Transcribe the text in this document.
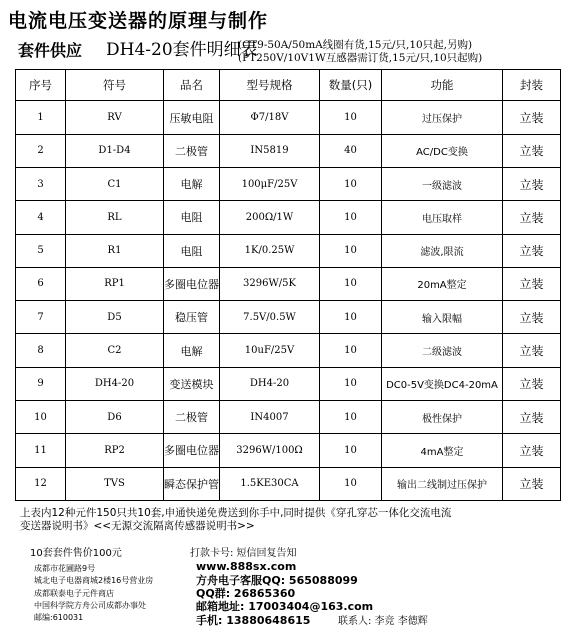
电流电压变送器的原理与制作
套件供应 DH4-20套件明细表
(CT9-50A/50mA线圈有货,15元/只,10只起,另购)
(PT250V/10V1W互感器需订货,15元/只,10只起购)
序号	符号	品名	型号规格	数量(只)	功能	封装
1	RV	压敏电阻	Φ7/18V	10	过压保护	立装
2	D1-D4	二极管	IN5819	40	AC/DC变换	立装
3	C1	电解	100μF/25V	10	一级滤波	立装
4	RL	电阻	200Ω/1W	10	电压取样	立装
5	R1	电阻	1K/0.25W	10	滤波,限流	立装
6	RP1	多圈电位器	3296W/5K	10	20mA整定	立装
7	D5	稳压管	7.5V/0.5W	10	输入限幅	立装
8	C2	电解	10uF/25V	10	二级滤波	立装
9	DH4-20	变送模块	DH4-20	10	DC0-5V变换DC4-20mA	立装
10	D6	二极管	IN4007	10	极性保护	立装
11	RP2	多圈电位器	3296W/100Ω	10	4mA整定	立装
12	TVS	瞬态保护管	1.5KE30CA	10	输出二线制过压保护	立装
上表内12种元件150只共10套,申通快递免费送到你手中,同时提供《穿孔穿芯一体化交流电流
变送器说明书》<<无源交流隔离传感器说明书>>
10套套件售价100元	打款卡号: 短信回复告知
成都市花圃路9号
城北电子电器商城2楼16号营业房
成都联泰电子元件商店
中国科学院方舟公司成都办事处
邮编:610031
www.888sx.com
方舟电子客服QQ: 565088099
QQ群: 26865360
邮箱地址: 17003404@163.com
手机: 13880648615	联系人: 李竞 李德辉
